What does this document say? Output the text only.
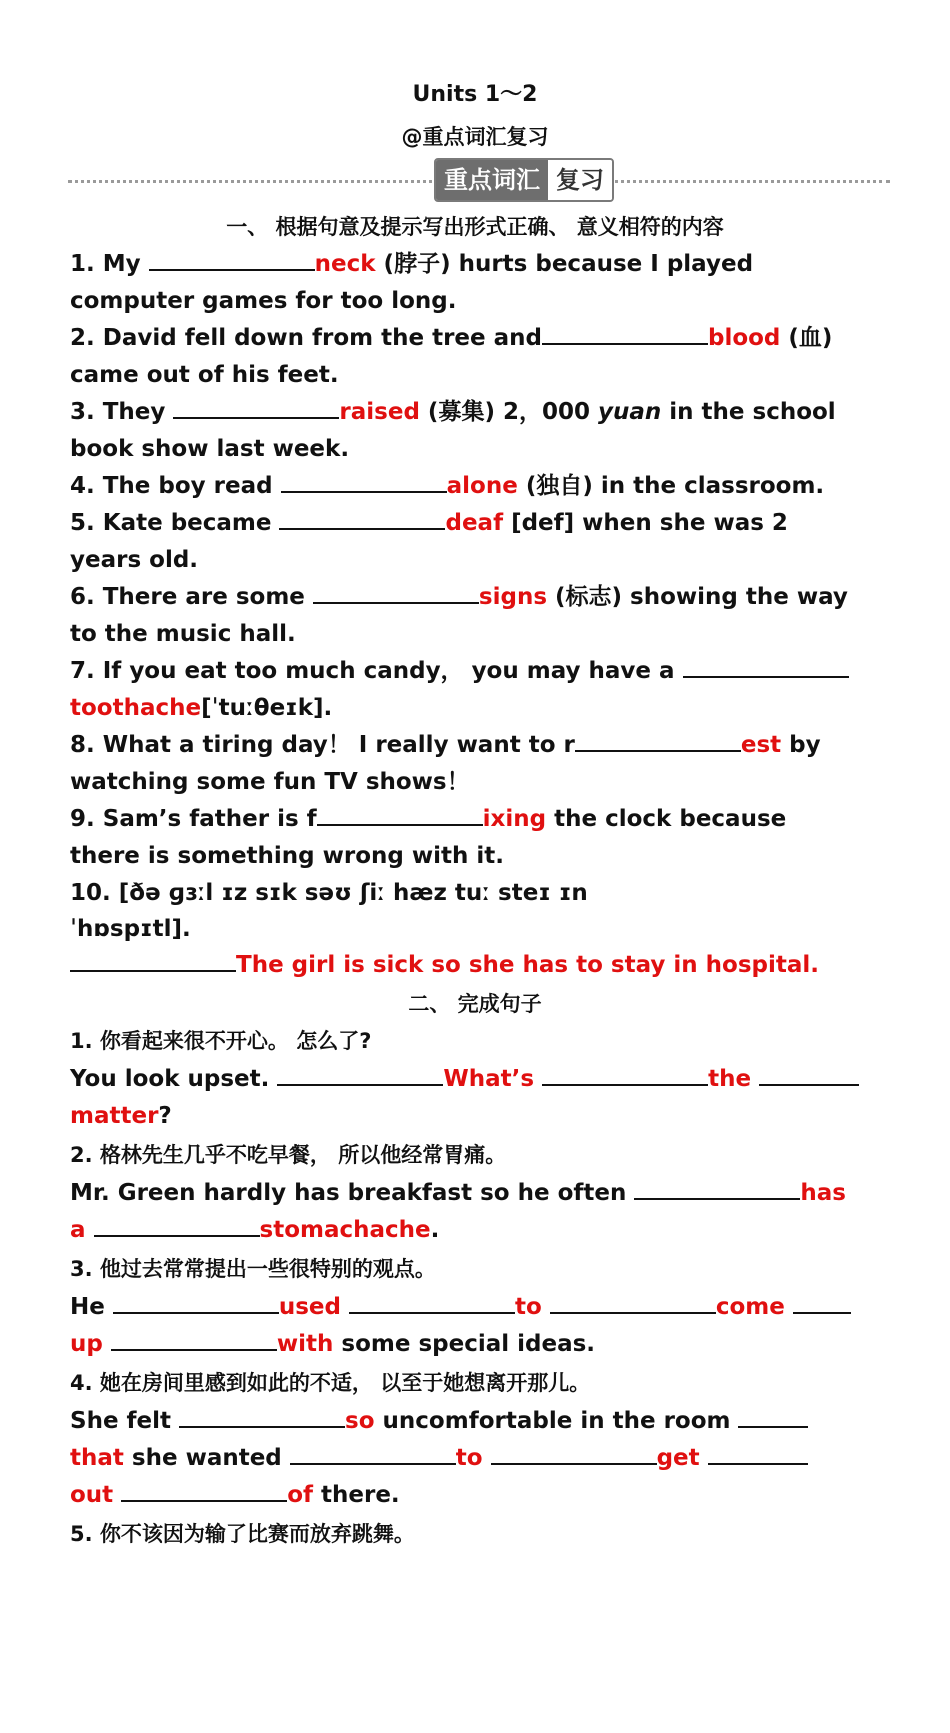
Units 1～2
@重点词汇复习
重点词汇 复习
一、 根据句意及提示写出形式正确、 意义相符的内容

1. My	neck (脖子) hurts because I played
computer games for too long.

2. David fell down from the tree and	blood (血)
came out of his feet.

3. They	raised (募集) 2，000 yuan in the school
book show last week.

4. The boy read	alone (独自) in the classroom.

5. Kate became	deaf [def] when she was 2
years old.

6. There are some	signs (标志) showing the way
to the music hall.

7. If you eat too much candy， you may have a
toothache[ˈtuːθeɪk].

8. What a tiring day！ I really want to r	est by
watching some fun TV shows！

9. Sam’s father is f	ixing the clock because
there is something wrong with it.

10. [ðə ɡɜːl ɪz sɪk səʊ ʃiː hæz tuː steɪ ɪn
ˈhɒspɪtl].
The girl is sick so she has to stay in hospital.

二、 完成句子
1. 你看起来很不开心。 怎么了?

You look upset.	What’s	the
matter?

2. 格林先生几乎不吃早餐， 所以他经常胃痛。

Mr. Green hardly has breakfast so he often	has
a	stomachache.

3. 他过去常常提出一些很特别的观点。

He	used	to	come
up	with some special ideas.

4. 她在房间里感到如此的不适， 以至于她想离开那儿。

She felt	so uncomfortable in the room
that she wanted	to	get
out	of there.

5. 你不该因为输了比赛而放弃跳舞。
